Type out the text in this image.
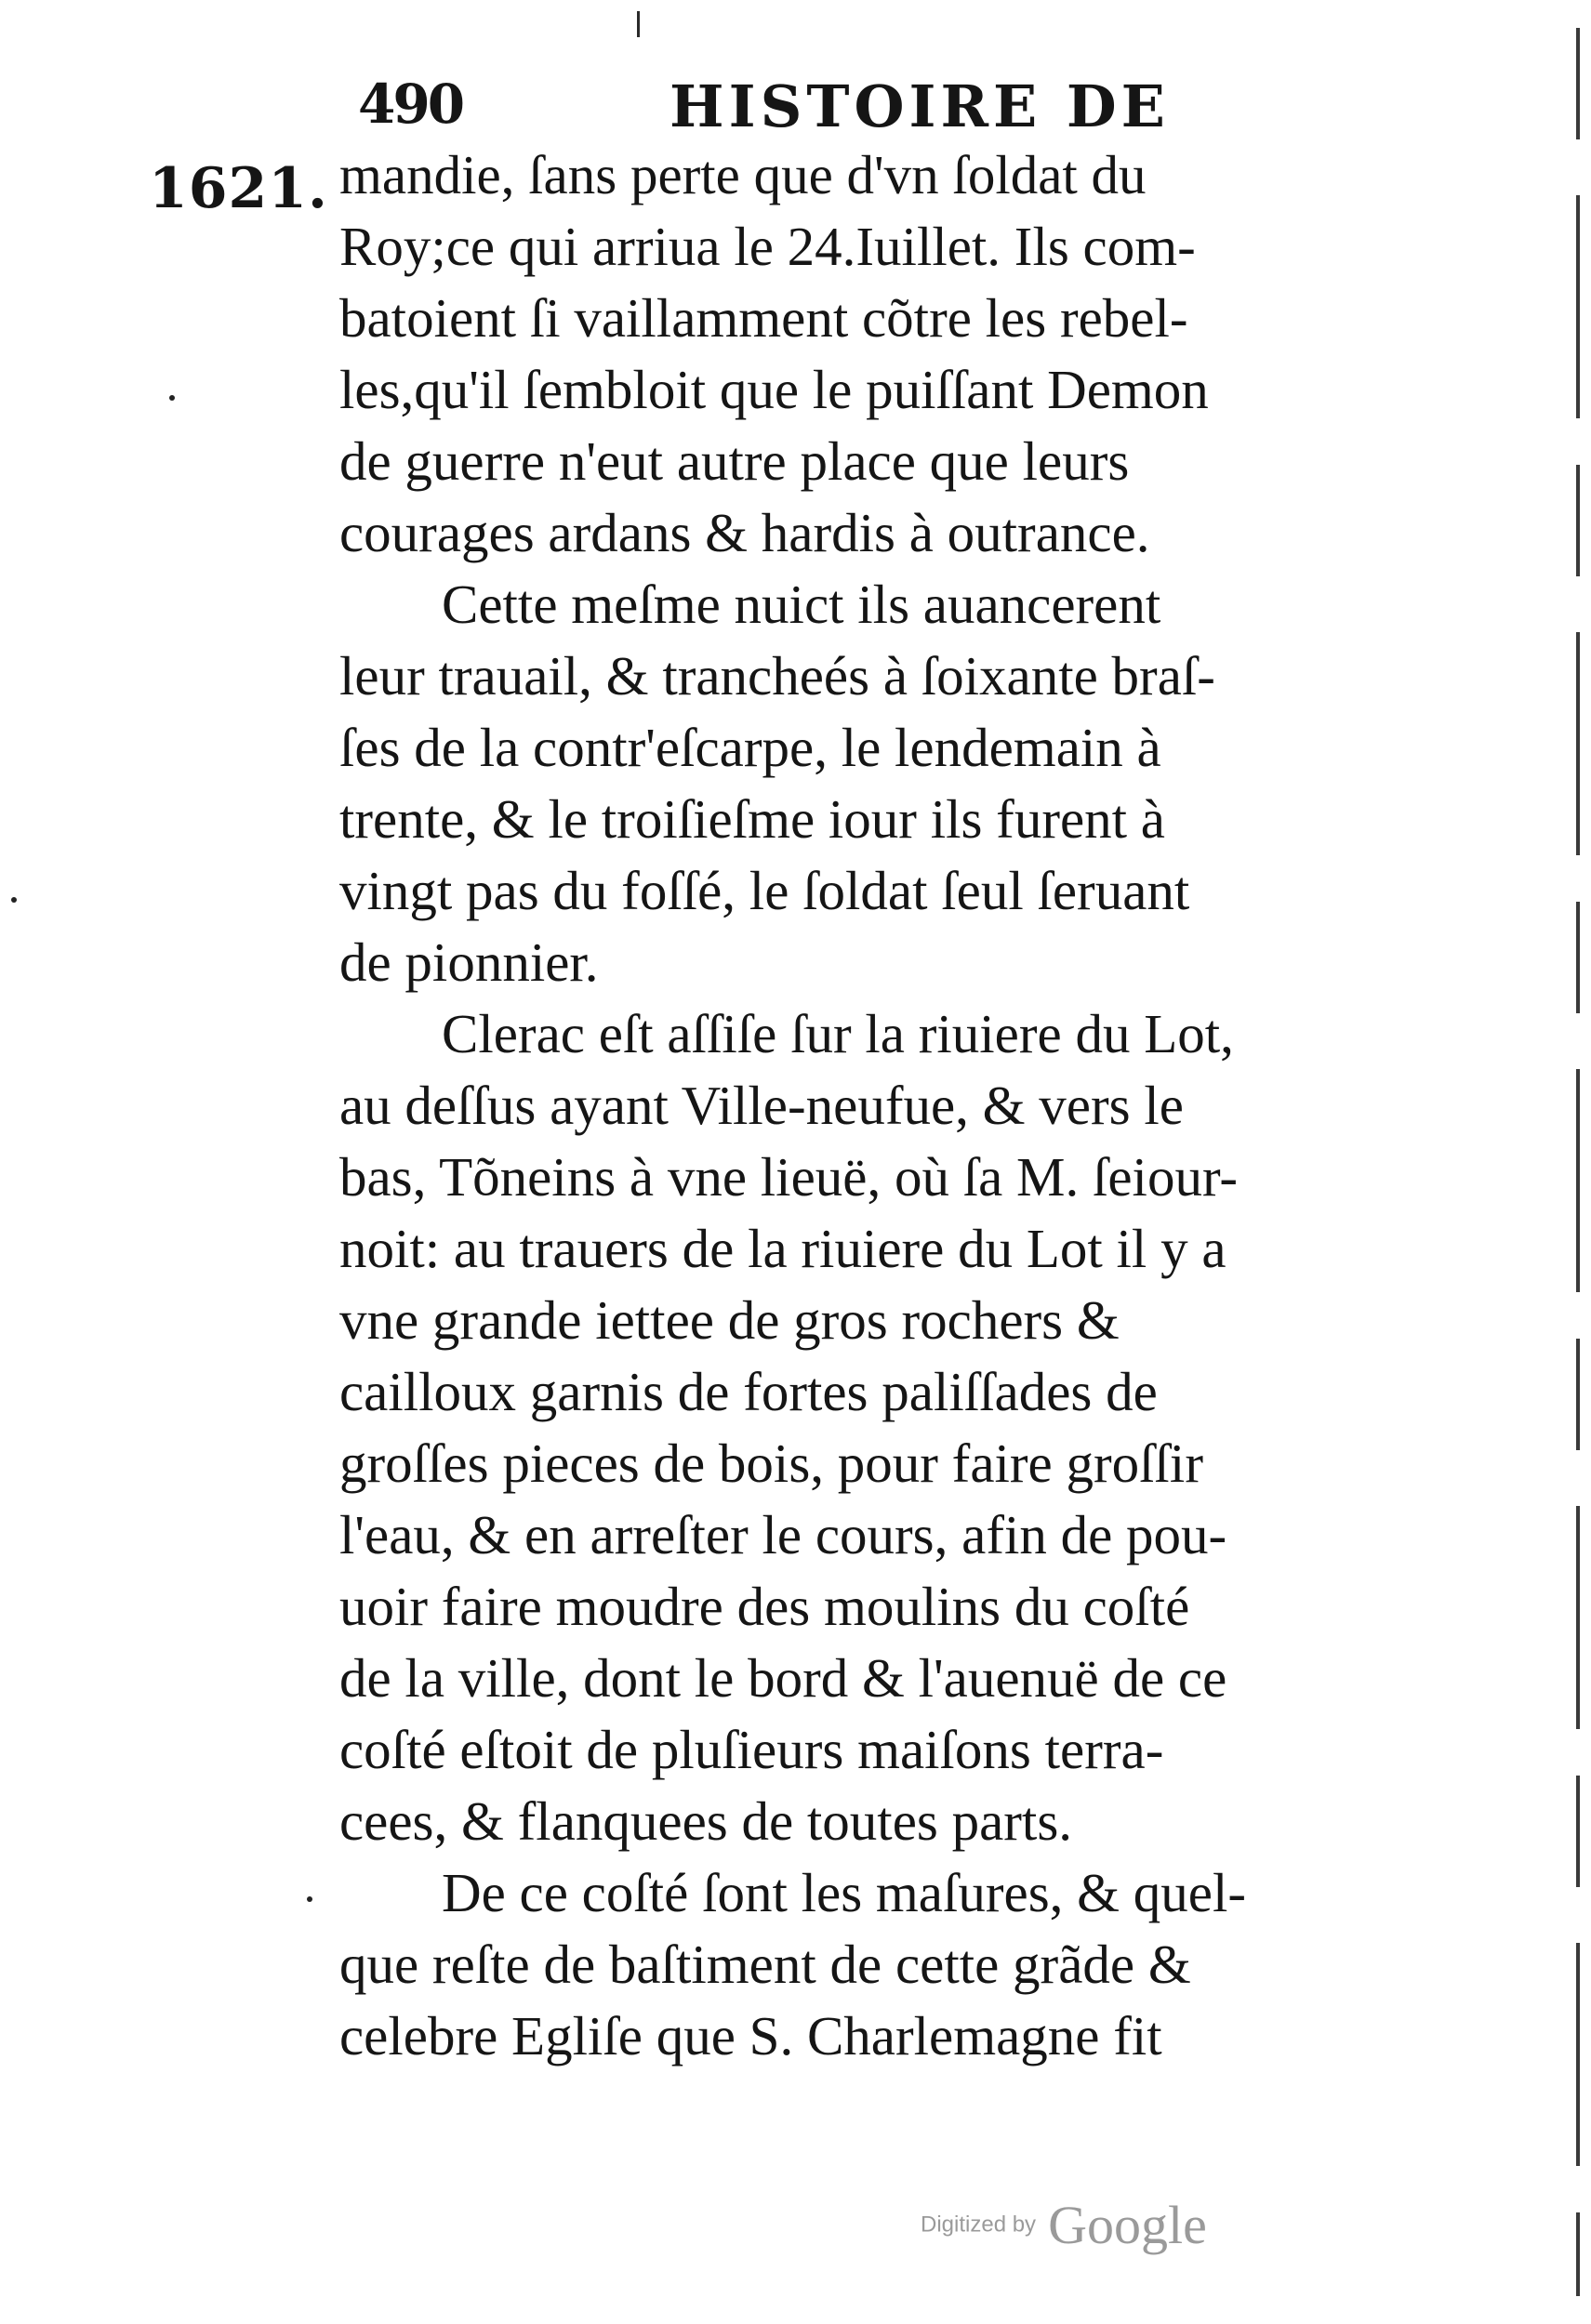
490	HISTOIRE DE
1621. mandie, ſans perte que d'vn ſoldat du
Roy;ce qui arriua le 24.Iuillet. Ils com-
batoient ſi vaillamment cõtre les rebel-
les,qu'il ſembloit que le puiſſant Demon
de guerre n'eut autre place que leurs
courages ardans & hardis à outrance.
Cette meſme nuict ils auancerent
leur trauail, & trancheés à ſoixante braſ-
ſes de la contr'eſcarpe, le lendemain à
trente, & le troiſieſme iour ils furent à
vingt pas du foſſé, le ſoldat ſeul ſeruant
de pionnier.
Clerac eſt aſſiſe ſur la riuiere du Lot,
au deſſus ayant Ville-neufue, & vers le
bas, Tõneins à vne lieuë, où ſa M. ſeiour-
noit: au trauers de la riuiere du Lot il y a
vne grande iettee de gros rochers &
cailloux garnis de fortes paliſſades de
groſſes pieces de bois, pour faire groſſir
l'eau, & en arreſter le cours, afin de pou-
uoir faire moudre des moulins du coſté
de la ville, dont le bord & l'auenuë de ce
coſté eſtoit de pluſieurs maiſons terra-
cees, & flanquees de toutes parts.
De ce coſté ſont les maſures, & quel-
que reſte de baſtiment de cette grãde &
celebre Egliſe que S. Charlemagne fit
Digitized by Google
